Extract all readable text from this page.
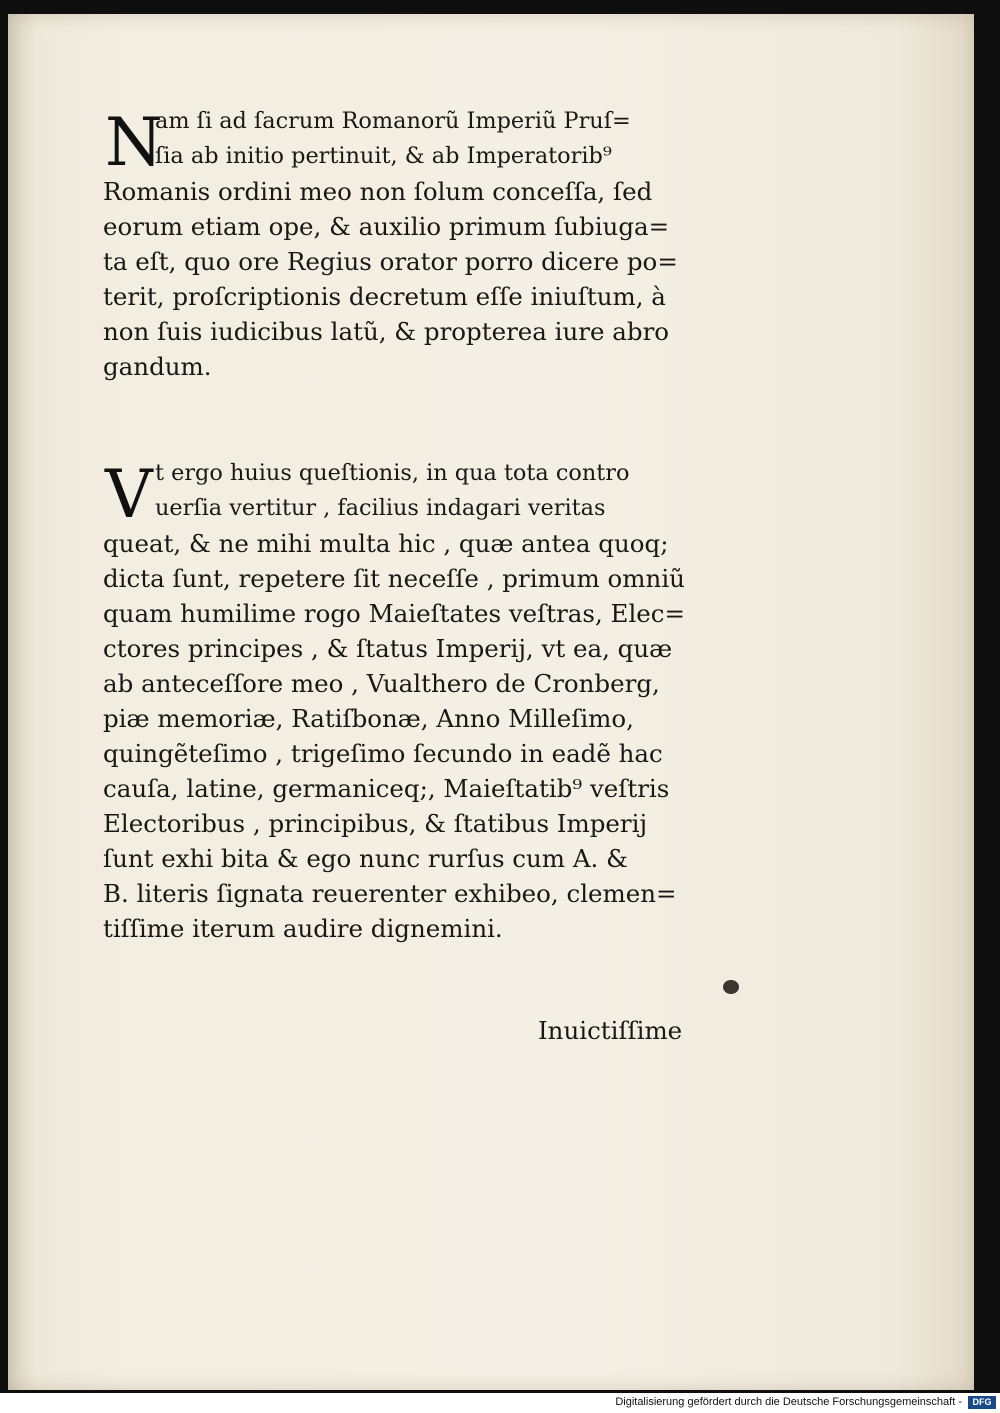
N
am ſi ad ſacrum Romanorũ Imperiũ Pruſ=
ſia ab initio pertinuit, & ab Imperatorib⁹
Romanis ordini meo non ſolum conceſſa, ſed
eorum etiam ope, & auxilio primum ſubiuga=
ta eſt, quo ore Regius orator porro dicere po=
terit, proſcriptionis decretum eſſe iniuſtum, à
non ſuis iudicibus latũ, & propterea iure abro
gandum.
V t ergo huius queſtionis, in qua tota contro
uerſia vertitur , facilius indagari veritas
queat, & ne mihi multa hic , quæ antea quoq;
dicta ſunt, repetere ſit neceſſe , primum omniũ
quam humilime rogo Maieſtates veſtras, Elec=
ctores principes , & ſtatus Imperij, vt ea, quæ
ab anteceſſore meo , Vualthero de Cronberg,
piæ memoriæ, Ratiſbonæ, Anno Milleſimo,
quingẽteſimo , trigeſimo ſecundo in eadẽ hac
cauſa, latine, germaniceq;, Maieſtatib⁹ veſtris
Electoribus , principibus, & ſtatibus Imperij
ſunt exhi bita & ego nunc rurſus cum A. &
B. literis ſignata reuerenter exhibeo, clemen=
tiſſime iterum audire dignemini.
Inuictiſſime
Digitalisierung gefördert durch die Deutsche Forschungsgemeinschaft -	DFG
